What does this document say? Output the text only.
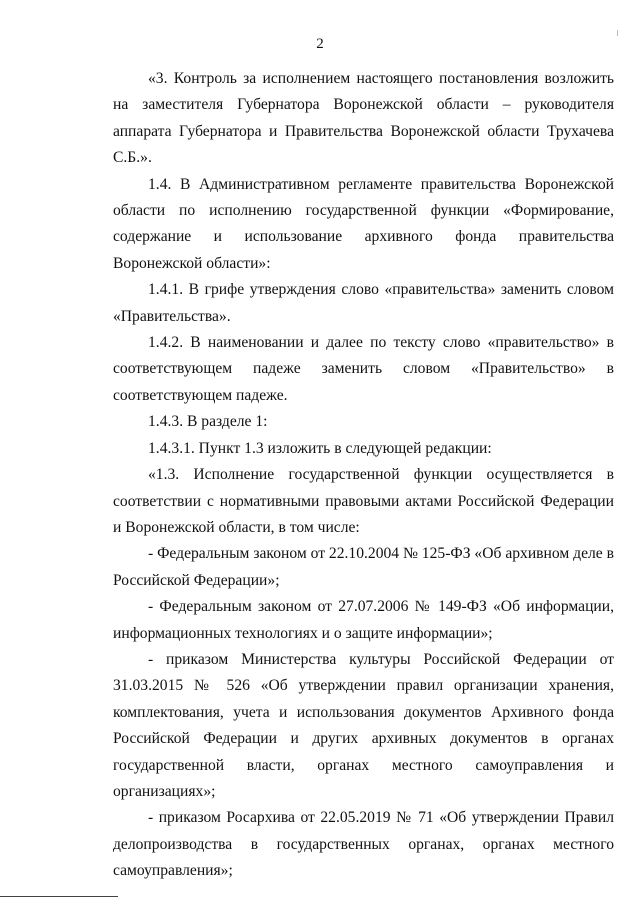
2

«3. Контроль за исполнением настоящего постановления возложить на заместителя Губернатора Воронежской области – руководителя аппарата Губернатора и Правительства Воронежской области Трухачева С.Б.».

1.4. В Административном регламенте правительства Воронежской области по исполнению государственной функции «Формирование, содержание и использование архивного фонда правительства Воронежской области»:

1.4.1. В грифе утверждения слово «правительства» заменить словом «Правительства».

1.4.2. В наименовании и далее по тексту слово «правительство» в соответствующем падеже заменить словом «Правительство» в соответствующем падеже.

1.4.3. В разделе 1:

1.4.3.1. Пункт 1.3 изложить в следующей редакции:

«1.3. Исполнение государственной функции осуществляется в соответствии с нормативными правовыми актами Российской Федерации и Воронежской области, в том числе:

- Федеральным законом от 22.10.2004 № 125-ФЗ «Об архивном деле в Российской Федерации»;

- Федеральным законом от 27.07.2006 № 149-ФЗ «Об информации, информационных технологиях и о защите информации»;

- приказом Министерства культуры Российской Федерации от 31.03.2015 № 526 «Об утверждении правил организации хранения, комплектования, учета и использования документов Архивного фонда Российской Федерации и других архивных документов в органах государственной власти, органах местного самоуправления и организациях»;

- приказом Росархива от 22.05.2019 № 71 «Об утверждении Правил делопроизводства в государственных органах, органах местного самоуправления»;
